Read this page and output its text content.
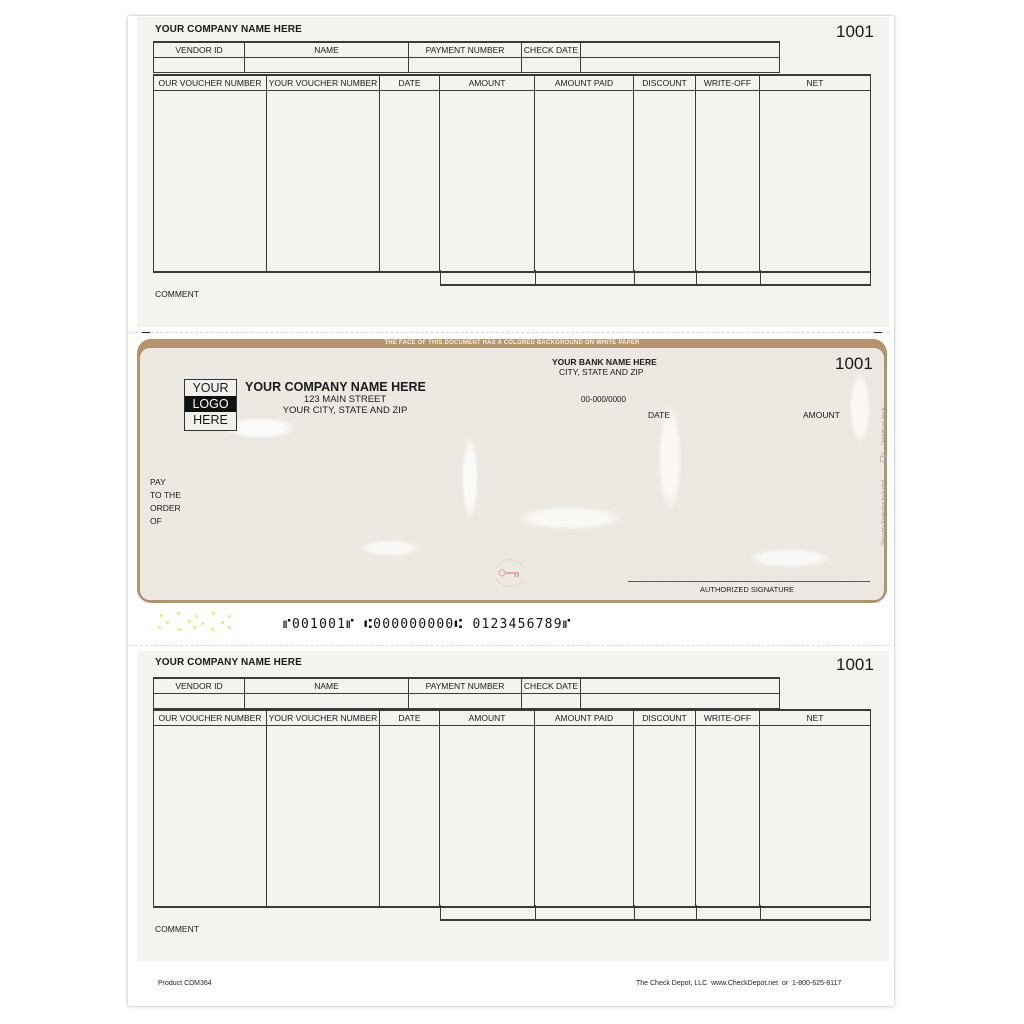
YOUR COMPANY NAME HERE	1001
VENDOR ID	NAME	PAYMENT NUMBER	CHECK DATE	

OUR VOUCHER NUMBER	YOUR VOUCHER NUMBER	DATE	AMOUNT	AMOUNT PAID	DISCOUNT	WRITE-OFF	NET

COMMENT
THE FACE OF THIS DOCUMENT HAS A COLORED BACKGROUND ON WHITE PAPER
YOUR
LOGO
HERE
YOUR COMPANY NAME HERE
123 MAIN STREET
YOUR CITY, STATE AND ZIP
YOUR BANK NAME HERE
CITY, STATE AND ZIP	1001
00-000/0000
DATE	AMOUNT
PAY
TO THE
ORDER
OF
AUTHORIZED SIGNATURE
Security Features Included
Details on back.
⑈001001⑈ ⑆000000000⑆ 0123456789⑈
YOUR COMPANY NAME HERE	1001
VENDOR ID	NAME	PAYMENT NUMBER	CHECK DATE	

OUR VOUCHER NUMBER	YOUR VOUCHER NUMBER	DATE	AMOUNT	AMOUNT PAID	DISCOUNT	WRITE-OFF	NET

COMMENT
Product CDM364	The Check Depot, LLC  www.CheckDepot.net  or  1-800-625-8117
